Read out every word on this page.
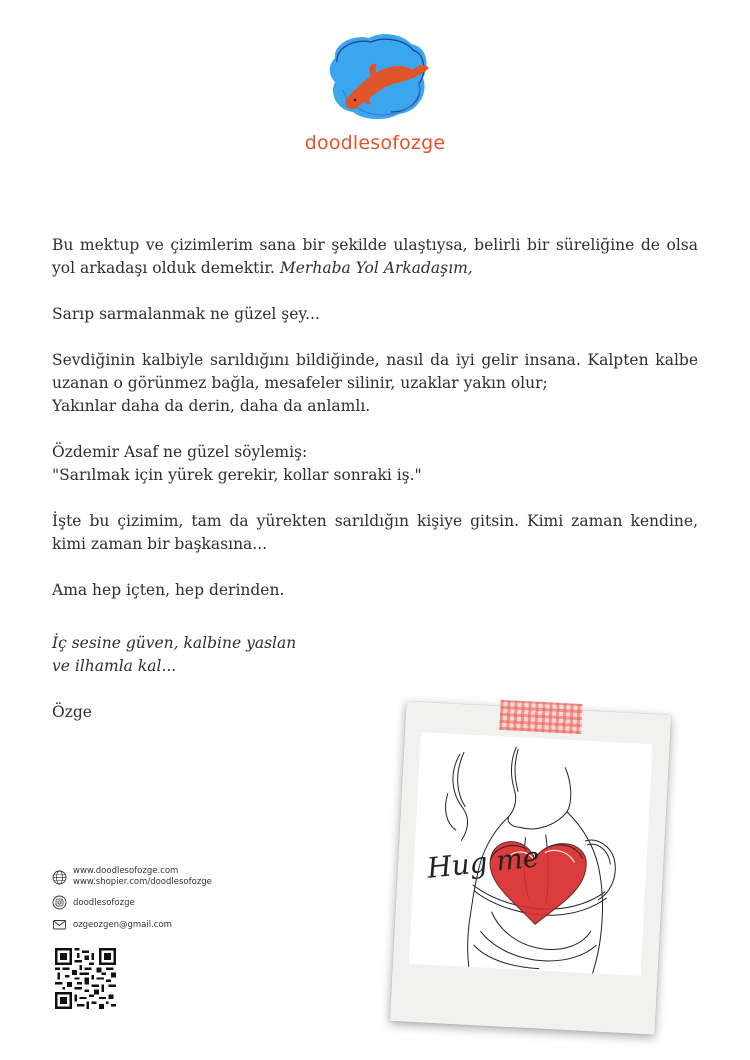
doodlesofozge

Bu mektup ve çizimlerim sana bir şekilde ulaştıysa, belirli bir süreliğine de olsa yol arkadaşı olduk demektir. Merhaba Yol Arkadaşım,

Sarıp sarmalanmak ne güzel şey...

Sevdiğinin kalbiyle sarıldığını bildiğinde, nasıl da iyi gelir insana. Kalpten kalbe uzanan o görünmez bağla, mesafeler silinir, uzaklar yakın olur;
Yakınlar daha da derin, daha da anlamlı.

Özdemir Asaf ne güzel söylemiş:
"Sarılmak için yürek gerekir, kollar sonraki iş."

İşte bu çizimim, tam da yürekten sarıldığın kişiye gitsin. Kimi zaman kendine, kimi zaman bir başkasına...

Ama hep içten, hep derinden.

İç sesine güven, kalbine yaslan
ve ilhamla kal...

Özge

www.doodlesofozge.com
www.shopier.com/doodlesofozge
doodlesofozge
ozgeozgen@gmail.com
Hug me
